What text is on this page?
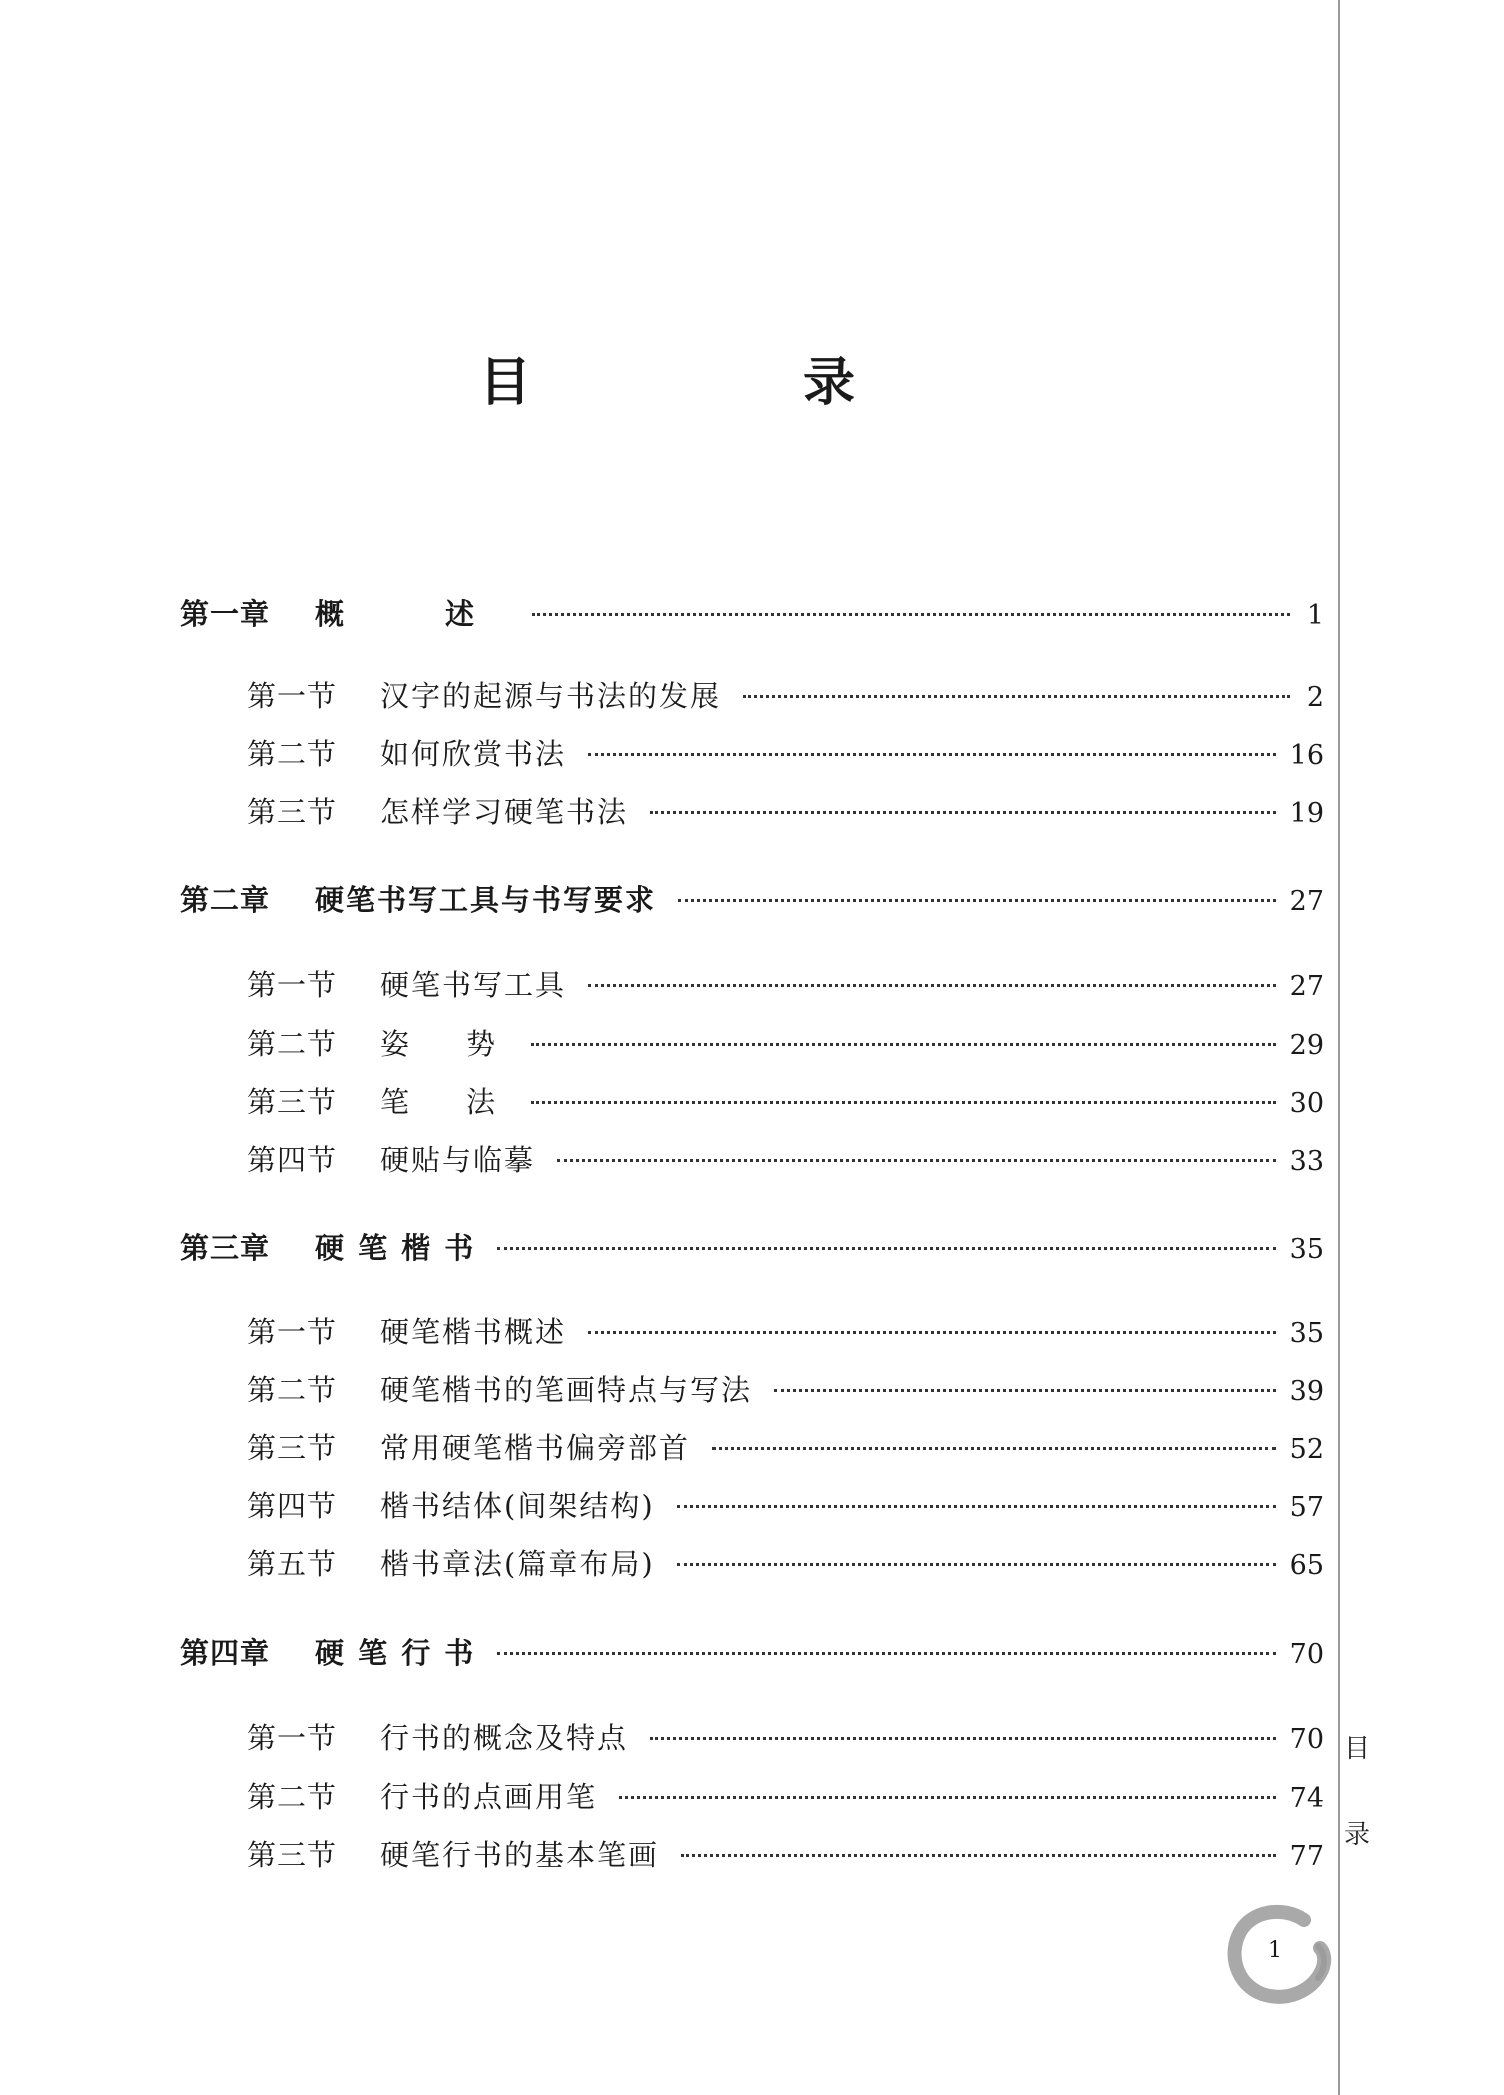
目　录
第一章	概　述	1
第一节	汉字的起源与书法的发展	2
第二节	如何欣赏书法	16
第三节	怎样学习硬笔书法	19
第二章	硬笔书写工具与书写要求	27
第一节	硬笔书写工具	27
第二节	姿　势	29
第三节	笔　法	30
第四节	硬贴与临摹	33
第三章	硬 笔 楷 书	35
第一节	硬笔楷书概述	35
第二节	硬笔楷书的笔画特点与写法	39
第三节	常用硬笔楷书偏旁部首	52
第四节	楷书结体(间架结构)	57
第五节	楷书章法(篇章布局)	65
第四章	硬 笔 行 书	70
第一节	行书的概念及特点	70
第二节	行书的点画用笔	74
第三节	硬笔行书的基本笔画	77
目
录
1
